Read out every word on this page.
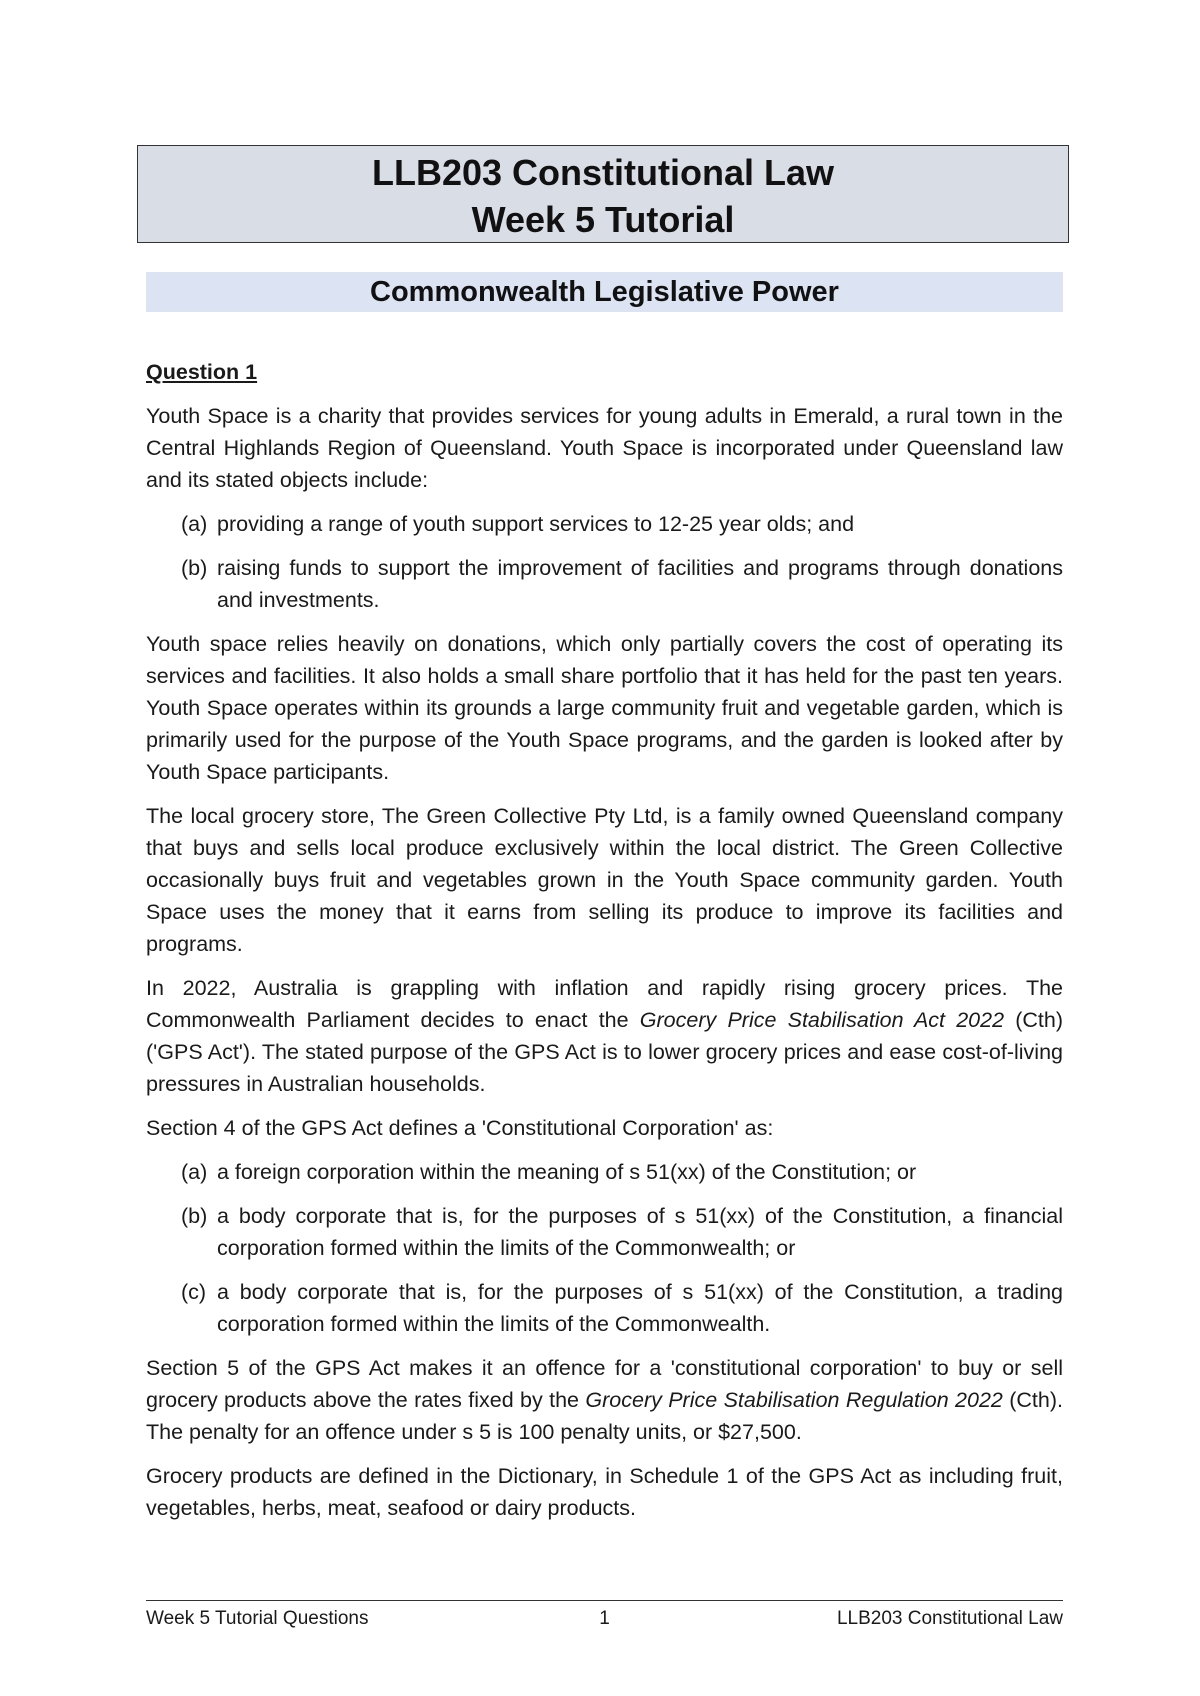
LLB203 Constitutional Law
Week 5 Tutorial
Commonwealth Legislative Power

Question 1

Youth Space is a charity that provides services for young adults in Emerald, a rural town in the Central Highlands Region of Queensland. Youth Space is incorporated under Queensland law and its stated objects include:

(a) providing a range of youth support services to 12-25 year olds; and
(b) raising funds to support the improvement of facilities and programs through donations and investments.

Youth space relies heavily on donations, which only partially covers the cost of operating its services and facilities. It also holds a small share portfolio that it has held for the past ten years. Youth Space operates within its grounds a large community fruit and vegetable garden, which is primarily used for the purpose of the Youth Space programs, and the garden is looked after by Youth Space participants.

The local grocery store, The Green Collective Pty Ltd, is a family owned Queensland company that buys and sells local produce exclusively within the local district. The Green Collective occasionally buys fruit and vegetables grown in the Youth Space community garden. Youth Space uses the money that it earns from selling its produce to improve its facilities and programs.

In 2022, Australia is grappling with inflation and rapidly rising grocery prices. The Commonwealth Parliament decides to enact the Grocery Price Stabilisation Act 2022 (Cth) ('GPS Act'). The stated purpose of the GPS Act is to lower grocery prices and ease cost-of-living pressures in Australian households.

Section 4 of the GPS Act defines a 'Constitutional Corporation' as:

(a) a foreign corporation within the meaning of s 51(xx) of the Constitution; or
(b) a body corporate that is, for the purposes of s 51(xx) of the Constitution, a financial corporation formed within the limits of the Commonwealth; or
(c) a body corporate that is, for the purposes of s 51(xx) of the Constitution, a trading corporation formed within the limits of the Commonwealth.

Section 5 of the GPS Act makes it an offence for a 'constitutional corporation' to buy or sell grocery products above the rates fixed by the Grocery Price Stabilisation Regulation 2022 (Cth). The penalty for an offence under s 5 is 100 penalty units, or $27,500.

Grocery products are defined in the Dictionary, in Schedule 1 of the GPS Act as including fruit, vegetables, herbs, meat, seafood or dairy products.

Week 5 Tutorial Questions	1	LLB203 Constitutional Law
